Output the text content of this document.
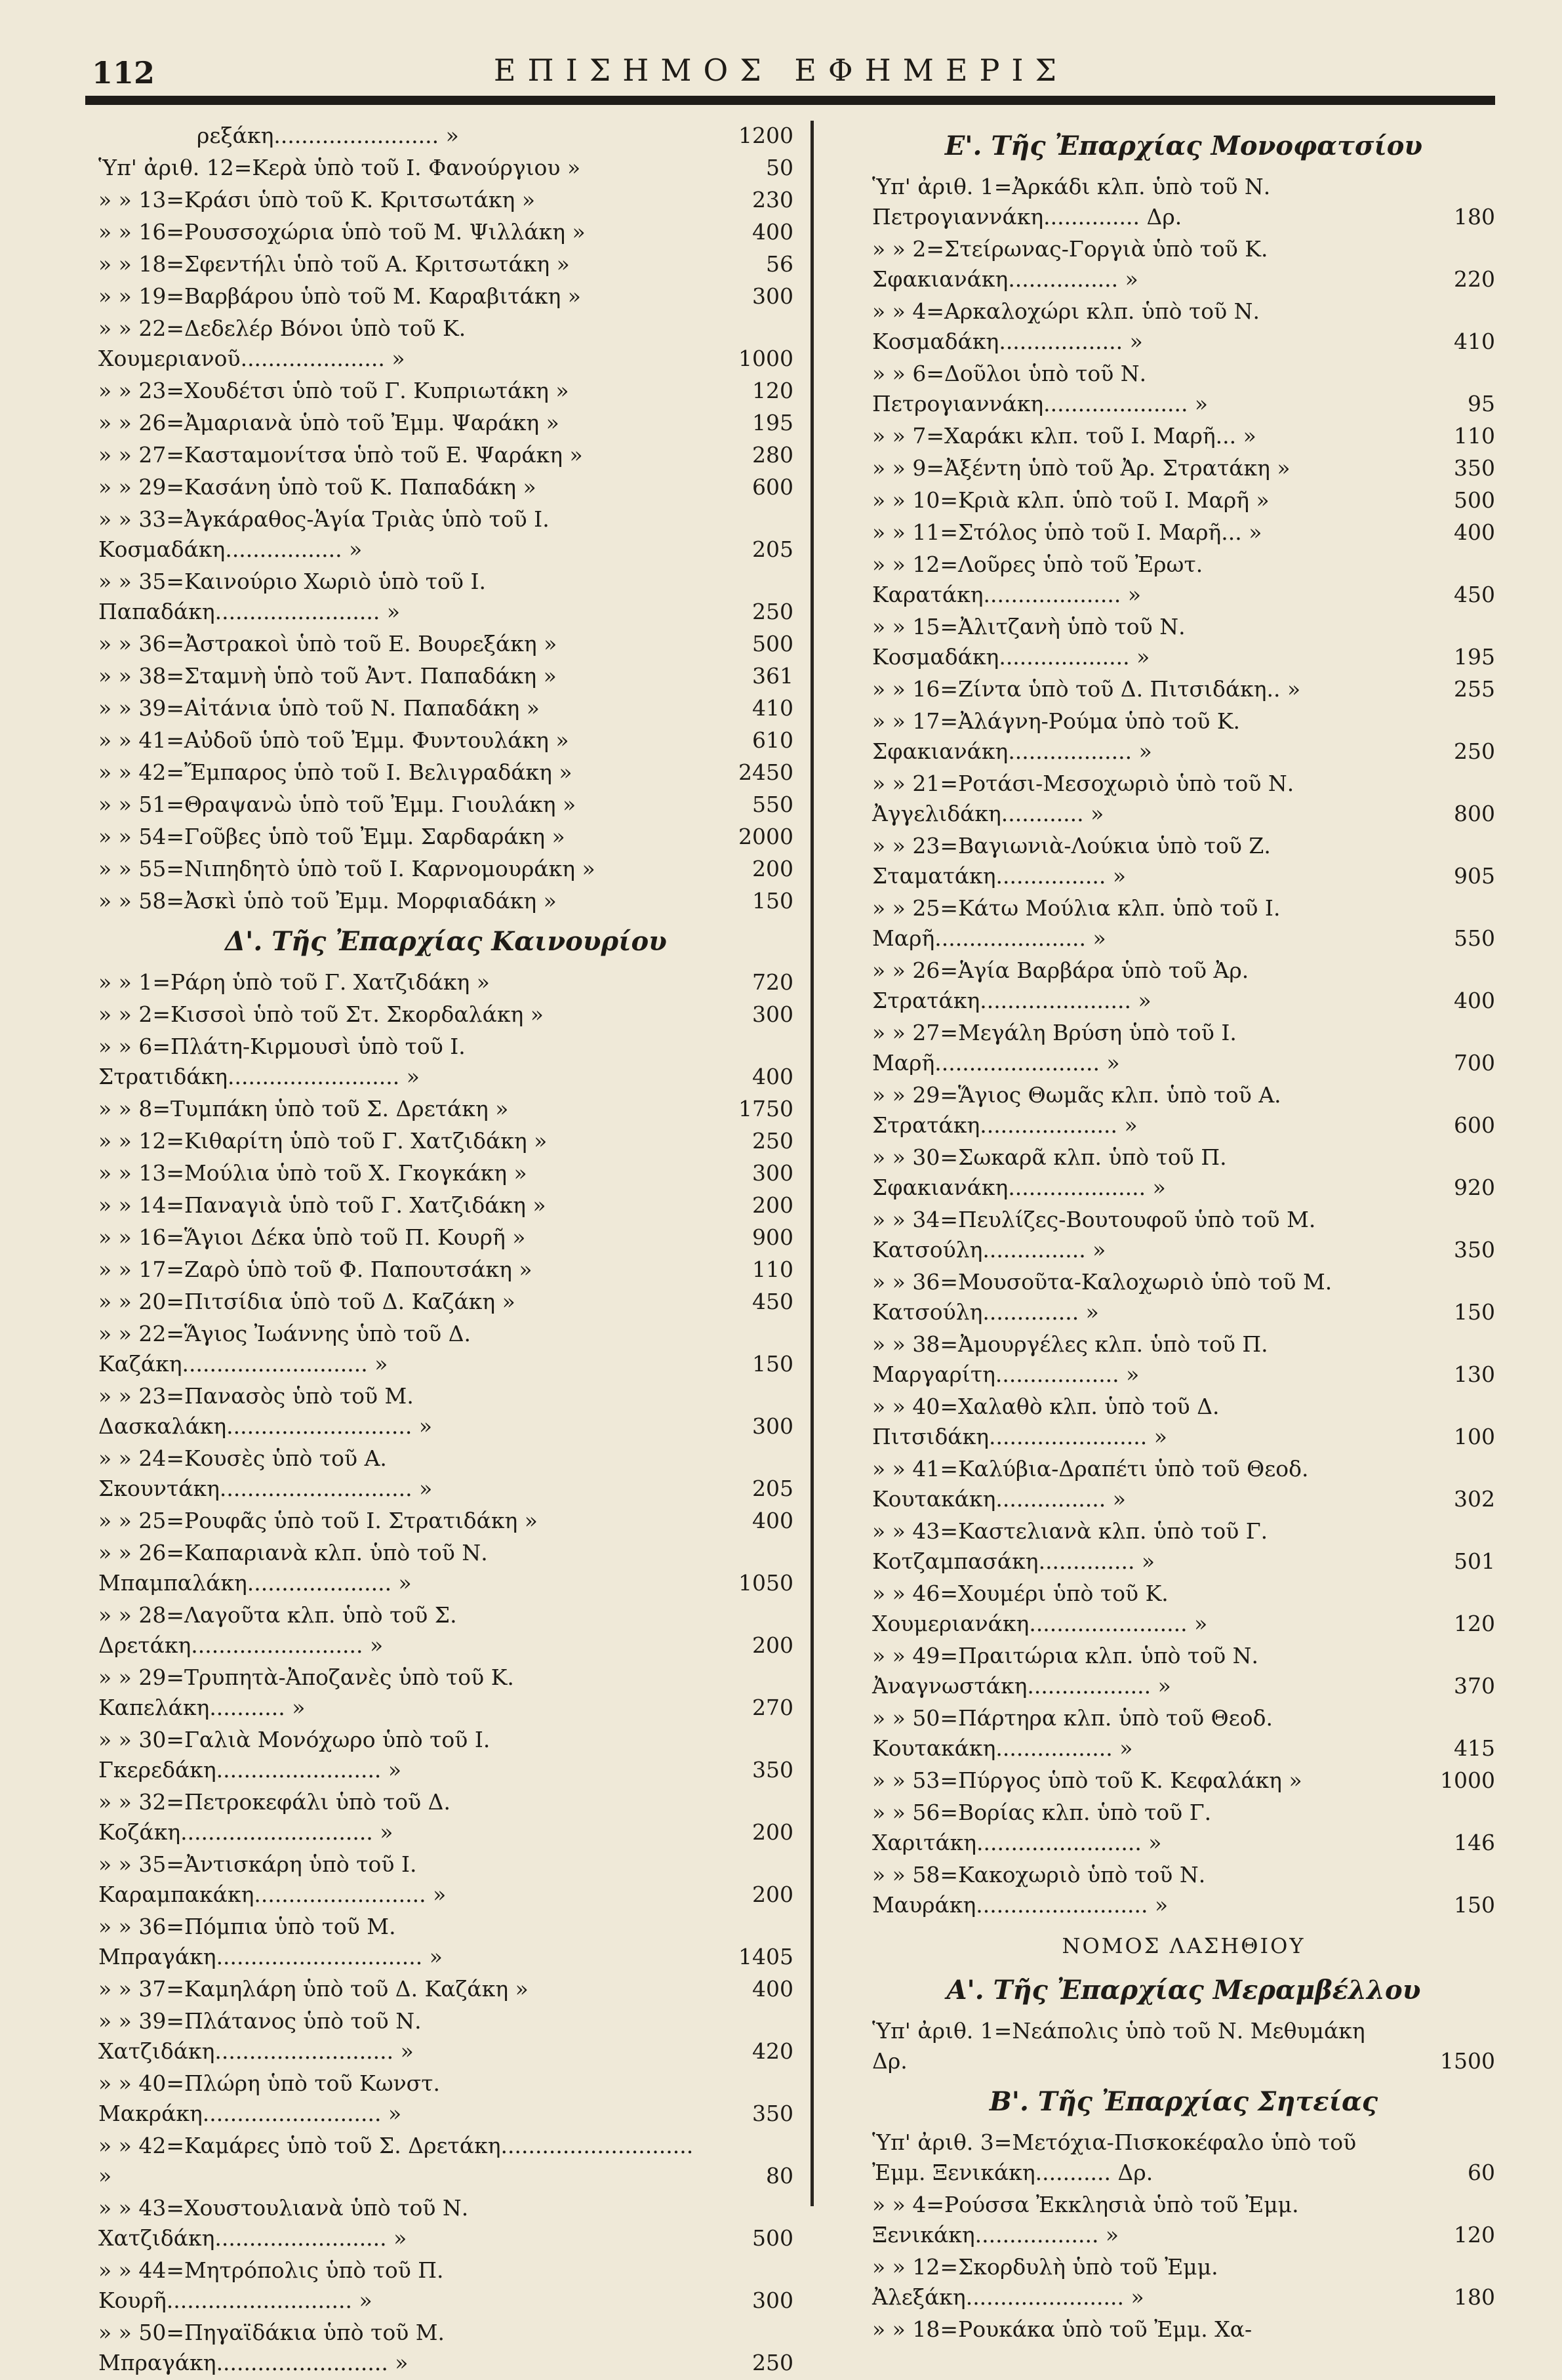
112	ΕΠΙΣΗΜΟΣ ΕΦΗΜΕΡΙΣ
ρεξάκη........................ »	1200
Ὑπ' ἀριθ. 12=Κερὰ ὑπὸ τοῦ Ι. Φανούργιου »	50
» » 13=Κράσι ὑπὸ τοῦ Κ. Κριτσωτάκη »	230
» » 16=Ρουσσοχώρια ὑπὸ τοῦ Μ. Ψιλλάκη »	400
» » 18=Σφεντήλι ὑπὸ τοῦ Α. Κριτσωτάκη »	56
» » 19=Βαρβάρου ὑπὸ τοῦ Μ. Καραβιτάκη »	300
» » 22=Δεδελέρ Βόνοι ὑπὸ τοῦ Κ. Χουμεριανοῦ..................... »	1000
» » 23=Χουδέτσι ὑπὸ τοῦ Γ. Κυπριωτάκη »	120
» » 26=Ἀμαριανὰ ὑπὸ τοῦ Ἐμμ. Ψαράκη »	195
» » 27=Κασταμονίτσα ὑπὸ τοῦ Ε. Ψαράκη »	280
» » 29=Κασάνη ὑπὸ τοῦ Κ. Παπαδάκη »	600
» » 33=Ἀγκάραθος-Ἁγία Τριὰς ὑπὸ τοῦ Ι. Κοσμαδάκη................. »	205
» » 35=Καινούριο Χωριὸ ὑπὸ τοῦ Ι. Παπαδάκη........................ »	250
» » 36=Ἀστρακοὶ ὑπὸ τοῦ Ε. Βουρεξάκη »	500
» » 38=Σταμνὴ ὑπὸ τοῦ Ἀντ. Παπαδάκη »	361
» » 39=Αἰτάνια ὑπὸ τοῦ Ν. Παπαδάκη »	410
» » 41=Αὐδοῦ ὑπὸ τοῦ Ἐμμ. Φυντουλάκη »	610
» » 42=Ἔμπαρος ὑπὸ τοῦ Ι. Βελιγραδάκη »	2450
» » 51=Θραψανὼ ὑπὸ τοῦ Ἐμμ. Γιουλάκη »	550
» » 54=Γοῦβες ὑπὸ τοῦ Ἐμμ. Σαρδαράκη »	2000
» » 55=Νιπηδητὸ ὑπὸ τοῦ Ι. Καρνομουράκη »	200
» » 58=Ἀσκὶ ὑπὸ τοῦ Ἐμμ. Μορφιαδάκη »	150
Δ'. Τῆς Ἐπαρχίας Καινουρίου
» » 1=Ράρη ὑπὸ τοῦ Γ. Χατζιδάκη »	720
» » 2=Κισσοὶ ὑπὸ τοῦ Στ. Σκορδαλάκη »	300
» » 6=Πλάτη-Κιρμουσὶ ὑπὸ τοῦ Ι. Στρατιδάκη......................... »	400
» » 8=Τυμπάκη ὑπὸ τοῦ Σ. Δρετάκη »	1750
» » 12=Κιθαρίτη ὑπὸ τοῦ Γ. Χατζιδάκη »	250
» » 13=Μούλια ὑπὸ τοῦ Χ. Γκογκάκη »	300
» » 14=Παναγιὰ ὑπὸ τοῦ Γ. Χατζιδάκη »	200
» » 16=Ἅγιοι Δέκα ὑπὸ τοῦ Π. Κουρῆ »	900
» » 17=Ζαρὸ ὑπὸ τοῦ Φ. Παπουτσάκη »	110
» » 20=Πιτσίδια ὑπὸ τοῦ Δ. Καζάκη »	450
» » 22=Ἅγιος Ἰωάννης ὑπὸ τοῦ Δ. Καζάκη........................... »	150
» » 23=Πανασὸς ὑπὸ τοῦ Μ. Δασκαλάκη........................... »	300
» » 24=Κουσὲς ὑπὸ τοῦ Α. Σκουντάκη............................ »	205
» » 25=Ρουφᾶς ὑπὸ τοῦ Ι. Στρατιδάκη »	400
» » 26=Καπαριανὰ κλπ. ὑπὸ τοῦ Ν. Μπαμπαλάκη..................... »	1050
» » 28=Λαγοῦτα κλπ. ὑπὸ τοῦ Σ. Δρετάκη......................... »	200
» » 29=Τρυπητὰ-Ἀποζανὲς ὑπὸ τοῦ Κ. Καπελάκη........... »	270
» » 30=Γαλιὰ Μονόχωρο ὑπὸ τοῦ Ι. Γκερεδάκη........................ »	350
» » 32=Πετροκεφάλι ὑπὸ τοῦ Δ. Κοζάκη............................ »	200
» » 35=Ἀντισκάρη ὑπὸ τοῦ Ι. Καραμπακάκη......................... »	200
» » 36=Πόμπια ὑπὸ τοῦ Μ. Μπραγάκη.............................. »	1405
» » 37=Καμηλάρη ὑπὸ τοῦ Δ. Καζάκη »	400
» » 39=Πλάτανος ὑπὸ τοῦ Ν. Χατζιδάκη.......................... »	420
» » 40=Πλώρη ὑπὸ τοῦ Κωνστ. Μακράκη.......................... »	350
» » 42=Καμάρες ὑπὸ τοῦ Σ. Δρετάκη............................ »	80
» » 43=Χουστουλιανὰ ὑπὸ τοῦ Ν. Χατζιδάκη......................... »	500
» » 44=Μητρόπολις ὑπὸ τοῦ Π. Κουρῆ........................... »	300
» » 50=Πηγαϊδάκια ὑπὸ τοῦ Μ. Μπραγάκη......................... »	250
Ε'. Τῆς Ἐπαρχίας Μονοφατσίου
Ὑπ' ἀριθ. 1=Ἀρκάδι κλπ. ὑπὸ τοῦ Ν. Πετρογιαννάκη.............. Δρ.	180
» » 2=Στείρωνας-Γοργιὰ ὑπὸ τοῦ Κ. Σφακιανάκη................ »	220
» » 4=Αρκαλοχώρι κλπ. ὑπὸ τοῦ Ν. Κοσμαδάκη.................. »	410
» » 6=Δοῦλοι ὑπὸ τοῦ Ν. Πετρογιαννάκη..................... »	95
» » 7=Χαράκι κλπ. τοῦ Ι. Μαρῆ... »	110
» » 9=Ἀξέντη ὑπὸ τοῦ Ἀρ. Στρατάκη »	350
» » 10=Κριὰ κλπ. ὑπὸ τοῦ Ι. Μαρῆ »	500
» » 11=Στόλος ὑπὸ τοῦ Ι. Μαρῆ... »	400
» » 12=Λοῦρες ὑπὸ τοῦ Ἐρωτ. Καρατάκη.................... »	450
» » 15=Ἀλιτζανὴ ὑπὸ τοῦ Ν. Κοσμαδάκη................... »	195
» » 16=Ζίντα ὑπὸ τοῦ Δ. Πιτσιδάκη.. »	255
» » 17=Ἀλάγνη-Ρούμα ὑπὸ τοῦ Κ. Σφακιανάκη.................. »	250
» » 21=Ροτάσι-Μεσοχωριὸ ὑπὸ τοῦ Ν. Ἀγγελιδάκη............ »	800
» » 23=Βαγιωνιὰ-Λούκια ὑπὸ τοῦ Ζ. Σταματάκη................ »	905
» » 25=Κάτω Μούλια κλπ. ὑπὸ τοῦ Ι. Μαρῆ...................... »	550
» » 26=Ἁγία Βαρβάρα ὑπὸ τοῦ Ἀρ. Στρατάκη...................... »	400
» » 27=Μεγάλη Βρύση ὑπὸ τοῦ Ι. Μαρῆ........................ »	700
» » 29=Ἅγιος Θωμᾶς κλπ. ὑπὸ τοῦ Α. Στρατάκη.................... »	600
» » 30=Σωκαρᾶ κλπ. ὑπὸ τοῦ Π. Σφακιανάκη.................... »	920
» » 34=Πευλίζες-Βουτουφοῦ ὑπὸ τοῦ Μ. Κατσούλη............... »	350
» » 36=Μουσοῦτα-Καλοχωριὸ ὑπὸ τοῦ Μ. Κατσούλη.............. »	150
» » 38=Ἀμουργέλες κλπ. ὑπὸ τοῦ Π. Μαργαρίτη.................. »	130
» » 40=Χαλαθὸ κλπ. ὑπὸ τοῦ Δ. Πιτσιδάκη....................... »	100
» » 41=Καλύβια-Δραπέτι ὑπὸ τοῦ Θεοδ. Κουτακάκη................ »	302
» » 43=Καστελιανὰ κλπ. ὑπὸ τοῦ Γ. Κοτζαμπασάκη.............. »	501
» » 46=Χουμέρι ὑπὸ τοῦ Κ. Χουμεριανάκη....................... »	120
» » 49=Πραιτώρια κλπ. ὑπὸ τοῦ Ν. Ἀναγνωστάκη.................. »	370
» » 50=Πάρτηρα κλπ. ὑπὸ τοῦ Θεοδ. Κουτακάκη................. »	415
» » 53=Πύργος ὑπὸ τοῦ Κ. Κεφαλάκη »	1000
» » 56=Βορίας κλπ. ὑπὸ τοῦ Γ. Χαριτάκη........................ »	146
» » 58=Κακοχωριὸ ὑπὸ τοῦ Ν. Μαυράκη......................... »	150
ΝΟΜΟΣ ΛΑΣΗΘΙΟΥ
Α'. Τῆς Ἐπαρχίας Μεραμβέλλου
Ὑπ' ἀριθ. 1=Νεάπολις ὑπὸ τοῦ Ν. Μεθυμάκη Δρ.	1500
Β'. Τῆς Ἐπαρχίας Σητείας
Ὑπ' ἀριθ. 3=Μετόχια-Πισκοκέφαλο ὑπὸ τοῦ Ἐμμ. Ξενικάκη........... Δρ.	60
» » 4=Ρούσσα Ἐκκλησιὰ ὑπὸ τοῦ Ἐμμ. Ξενικάκη.................. »	120
» » 12=Σκορδυλὴ ὑπὸ τοῦ Ἐμμ. Ἀλεξάκη....................... »	180
» » 18=Ρουκάκα ὑπὸ τοῦ Ἐμμ. Χα-
